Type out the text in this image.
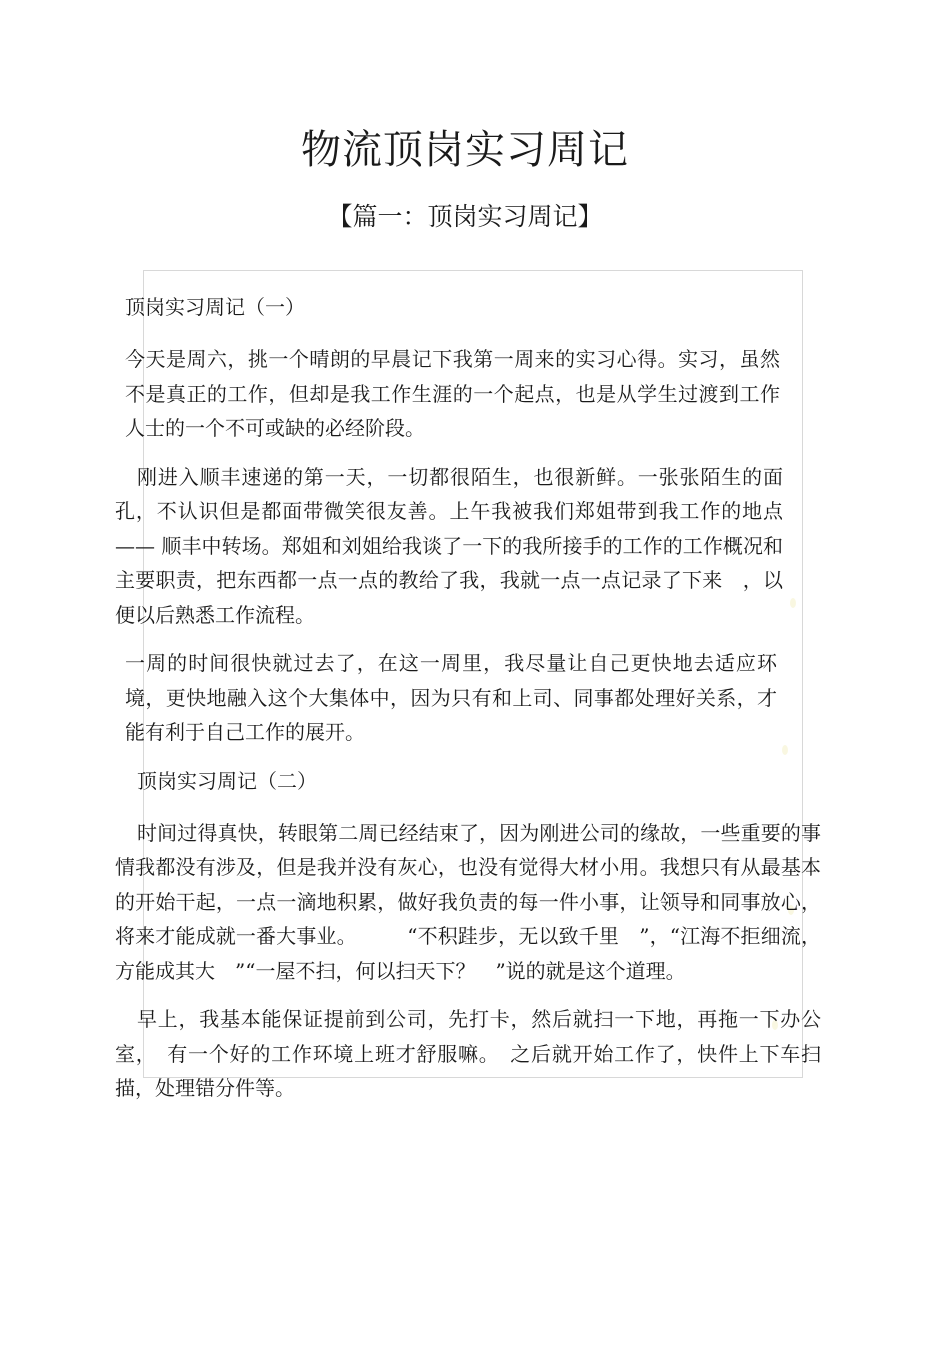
物流顶岗实习周记
【篇一：顶岗实习周记】

顶岗实习周记（一）

今天是周六，挑一个晴朗的早晨记下我第一周来的实习心得。实习，虽然不是真正的工作，但却是我工作生涯的一个起点，也是从学生过渡到工作人士的一个不可或缺的必经阶段。

刚进入顺丰速递的第一天，一切都很陌生，也很新鲜。一张张陌生的面孔，不认识但是都面带微笑很友善。上午我被我们郑姐带到我工作的地点 —— 顺丰中转场。郑姐和刘姐给我谈了一下的我所接手的工作的工作概况和主要职责，把东西都一点一点的教给了我，我就一点一点记录了下来　，以便以后熟悉工作流程。

一周的时间很快就过去了，在这一周里，我尽量让自己更快地去适应环境，更快地融入这个大集体中，因为只有和上司、同事都处理好关系，才能有利于自己工作的展开。

顶岗实习周记（二）

时间过得真快，转眼第二周已经结束了，因为刚进公司的缘故，一些重要的事情我都没有涉及，但是我并没有灰心，也没有觉得大材小用。我想只有从最基本的开始干起，一点一滴地积累，做好我负责的每一件小事，让领导和同事放心，将来才能成就一番大事业。　　　“不积跬步，无以致千里　”，“江海不拒细流，方能成其大　”“一屋不扫，何以扫天下？　”说的就是这个道理。

早上，我基本能保证提前到公司，先打卡，然后就扫一下地，再拖一下办公室，　有一个好的工作环境上班才舒服嘛。　之后就开始工作了，快件上下车扫描，处理错分件等。
